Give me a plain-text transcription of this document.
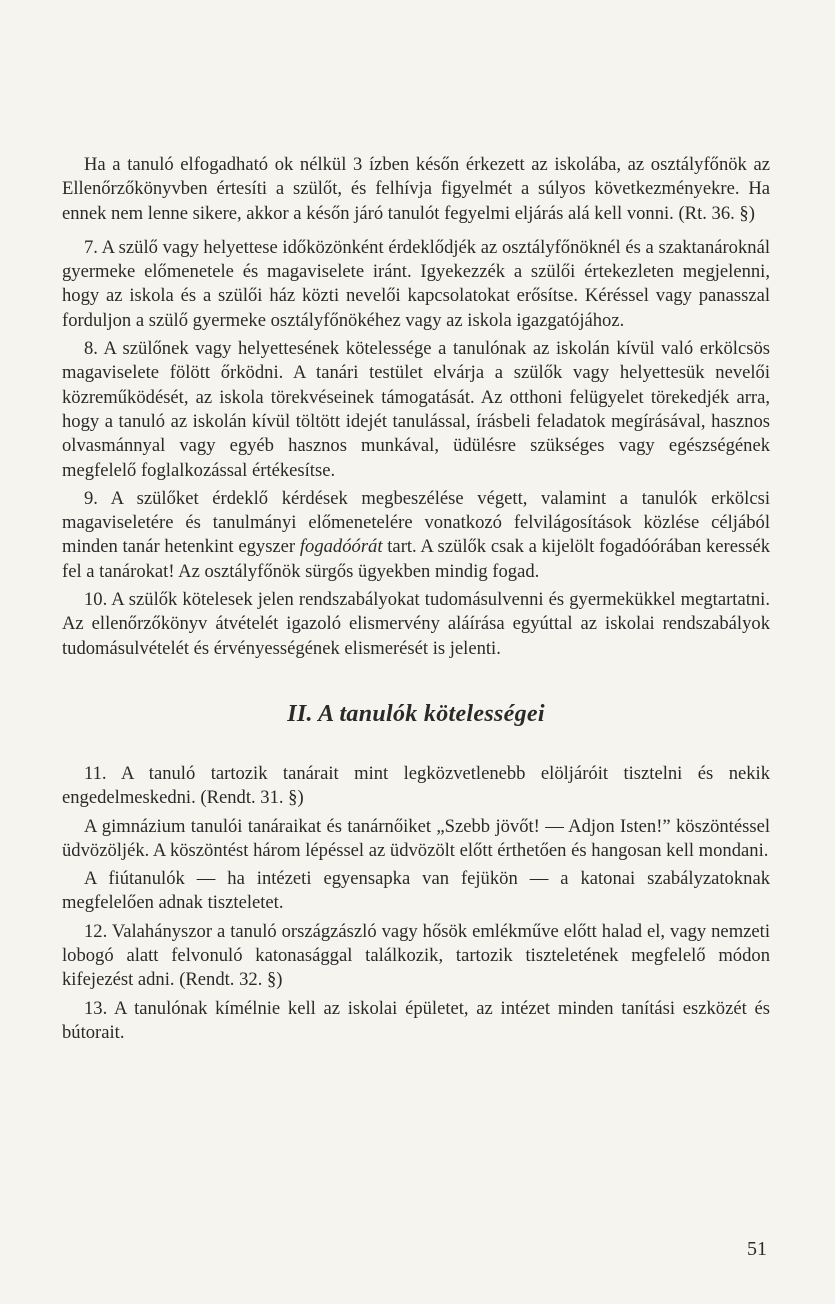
Ha a tanuló elfogadható ok nélkül 3 ízben későn érkezett az iskolába, az osztályfőnök az Ellenőrzőkönyvben értesíti a szülőt, és felhívja figyelmét a súlyos következményekre. Ha ennek nem lenne sikere, akkor a későn járó tanulót fegyelmi eljárás alá kell vonni. (Rt. 36. §)

7. A szülő vagy helyettese időközönként érdeklődjék az osztályfőnöknél és a szaktanároknál gyermeke előmenetele és magaviselete iránt. Igyekezzék a szülői értekezleten megjelenni, hogy az iskola és a szülői ház közti nevelői kapcsolatokat erősítse. Kéréssel vagy panasszal forduljon a szülő gyermeke osztályfőnökéhez vagy az iskola igazgatójához.

8. A szülőnek vagy helyettesének kötelessége a tanulónak az iskolán kívül való erkölcsös magaviselete fölött őrködni. A tanári testület elvárja a szülők vagy helyettesük nevelői közreműködését, az iskola törekvéseinek támogatását. Az otthoni felügyelet törekedjék arra, hogy a tanuló az iskolán kívül töltött idejét tanulással, írásbeli feladatok megírásával, hasznos olvasmánnyal vagy egyéb hasznos munkával, üdülésre szükséges vagy egészségének megfelelő foglalkozással értékesítse.

9. A szülőket érdeklő kérdések megbeszélése végett, valamint a tanulók erkölcsi magaviseletére és tanulmányi előmenetelére vonatkozó felvilágosítások közlése céljából minden tanár hetenkint egyszer fogadóórát tart. A szülők csak a kijelölt fogadóórában keressék fel a tanárokat! Az osztályfőnök sürgős ügyekben mindig fogad.

10. A szülők kötelesek jelen rendszabályokat tudomásulvenni és gyermekükkel megtartatni. Az ellenőrzőkönyv átvételét igazoló elismervény aláírása egyúttal az iskolai rendszabályok tudomásulvételét és érvényességének elismerését is jelenti.

II. A tanulók kötelességei

11. A tanuló tartozik tanárait mint legközvetlenebb elöljáróit tisztelni és nekik engedelmeskedni. (Rendt. 31. §)

A gimnázium tanulói tanáraikat és tanárnőiket „Szebb jövőt! — Adjon Isten!” köszöntéssel üdvözöljék. A köszöntést három lépéssel az üdvözölt előtt érthetően és hangosan kell mondani.

A fiútanulók — ha intézeti egyensapka van fejükön — a katonai szabályzatoknak megfelelően adnak tiszteletet.

12. Valahányszor a tanuló országzászló vagy hősök emlékműve előtt halad el, vagy nemzeti lobogó alatt felvonuló katonasággal találkozik, tartozik tiszteletének megfelelő módon kifejezést adni. (Rendt. 32. §)

13. A tanulónak kímélnie kell az iskolai épületet, az intézet minden tanítási eszközét és bútorait.

51
